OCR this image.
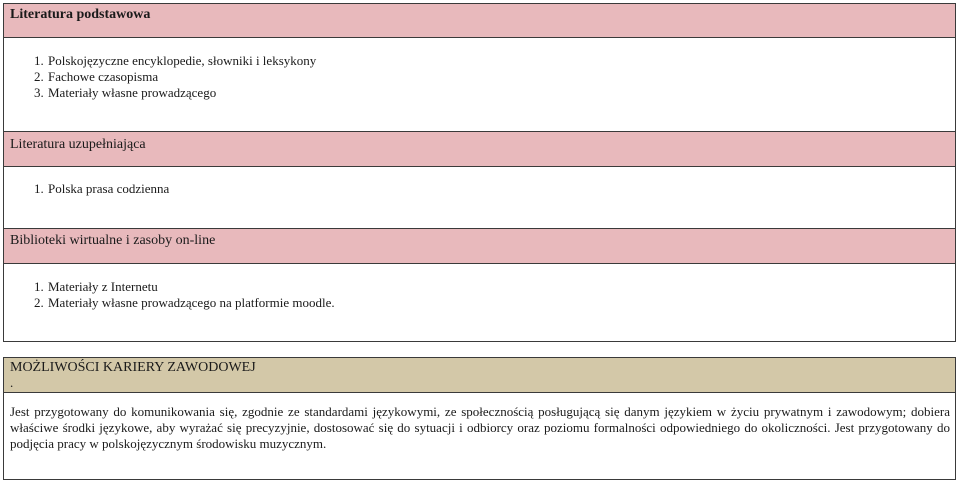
Literatura podstawowa
1. Polskojęzyczne encyklopedie, słowniki i leksykony
2. Fachowe czasopisma
3. Materiały własne prowadzącego
Literatura uzupełniająca
1. Polska prasa codzienna
Biblioteki wirtualne i zasoby on-line
1. Materiały z Internetu
2. Materiały własne prowadzącego na platformie moodle.
MOŻLIWOŚCI KARIERY ZAWODOWEJ
.
Jest przygotowany do komunikowania się, zgodnie ze standardami językowymi, ze społecznością posługującą się danym językiem w życiu prywatnym i zawodowym; dobiera właściwe środki językowe, aby wyrażać się precyzyjnie, dostosować się do sytuacji i odbiorcy oraz poziomu formalności odpowiedniego do okoliczności. Jest przygotowany do podjęcia pracy w polskojęzycznym środowisku muzycznym.
